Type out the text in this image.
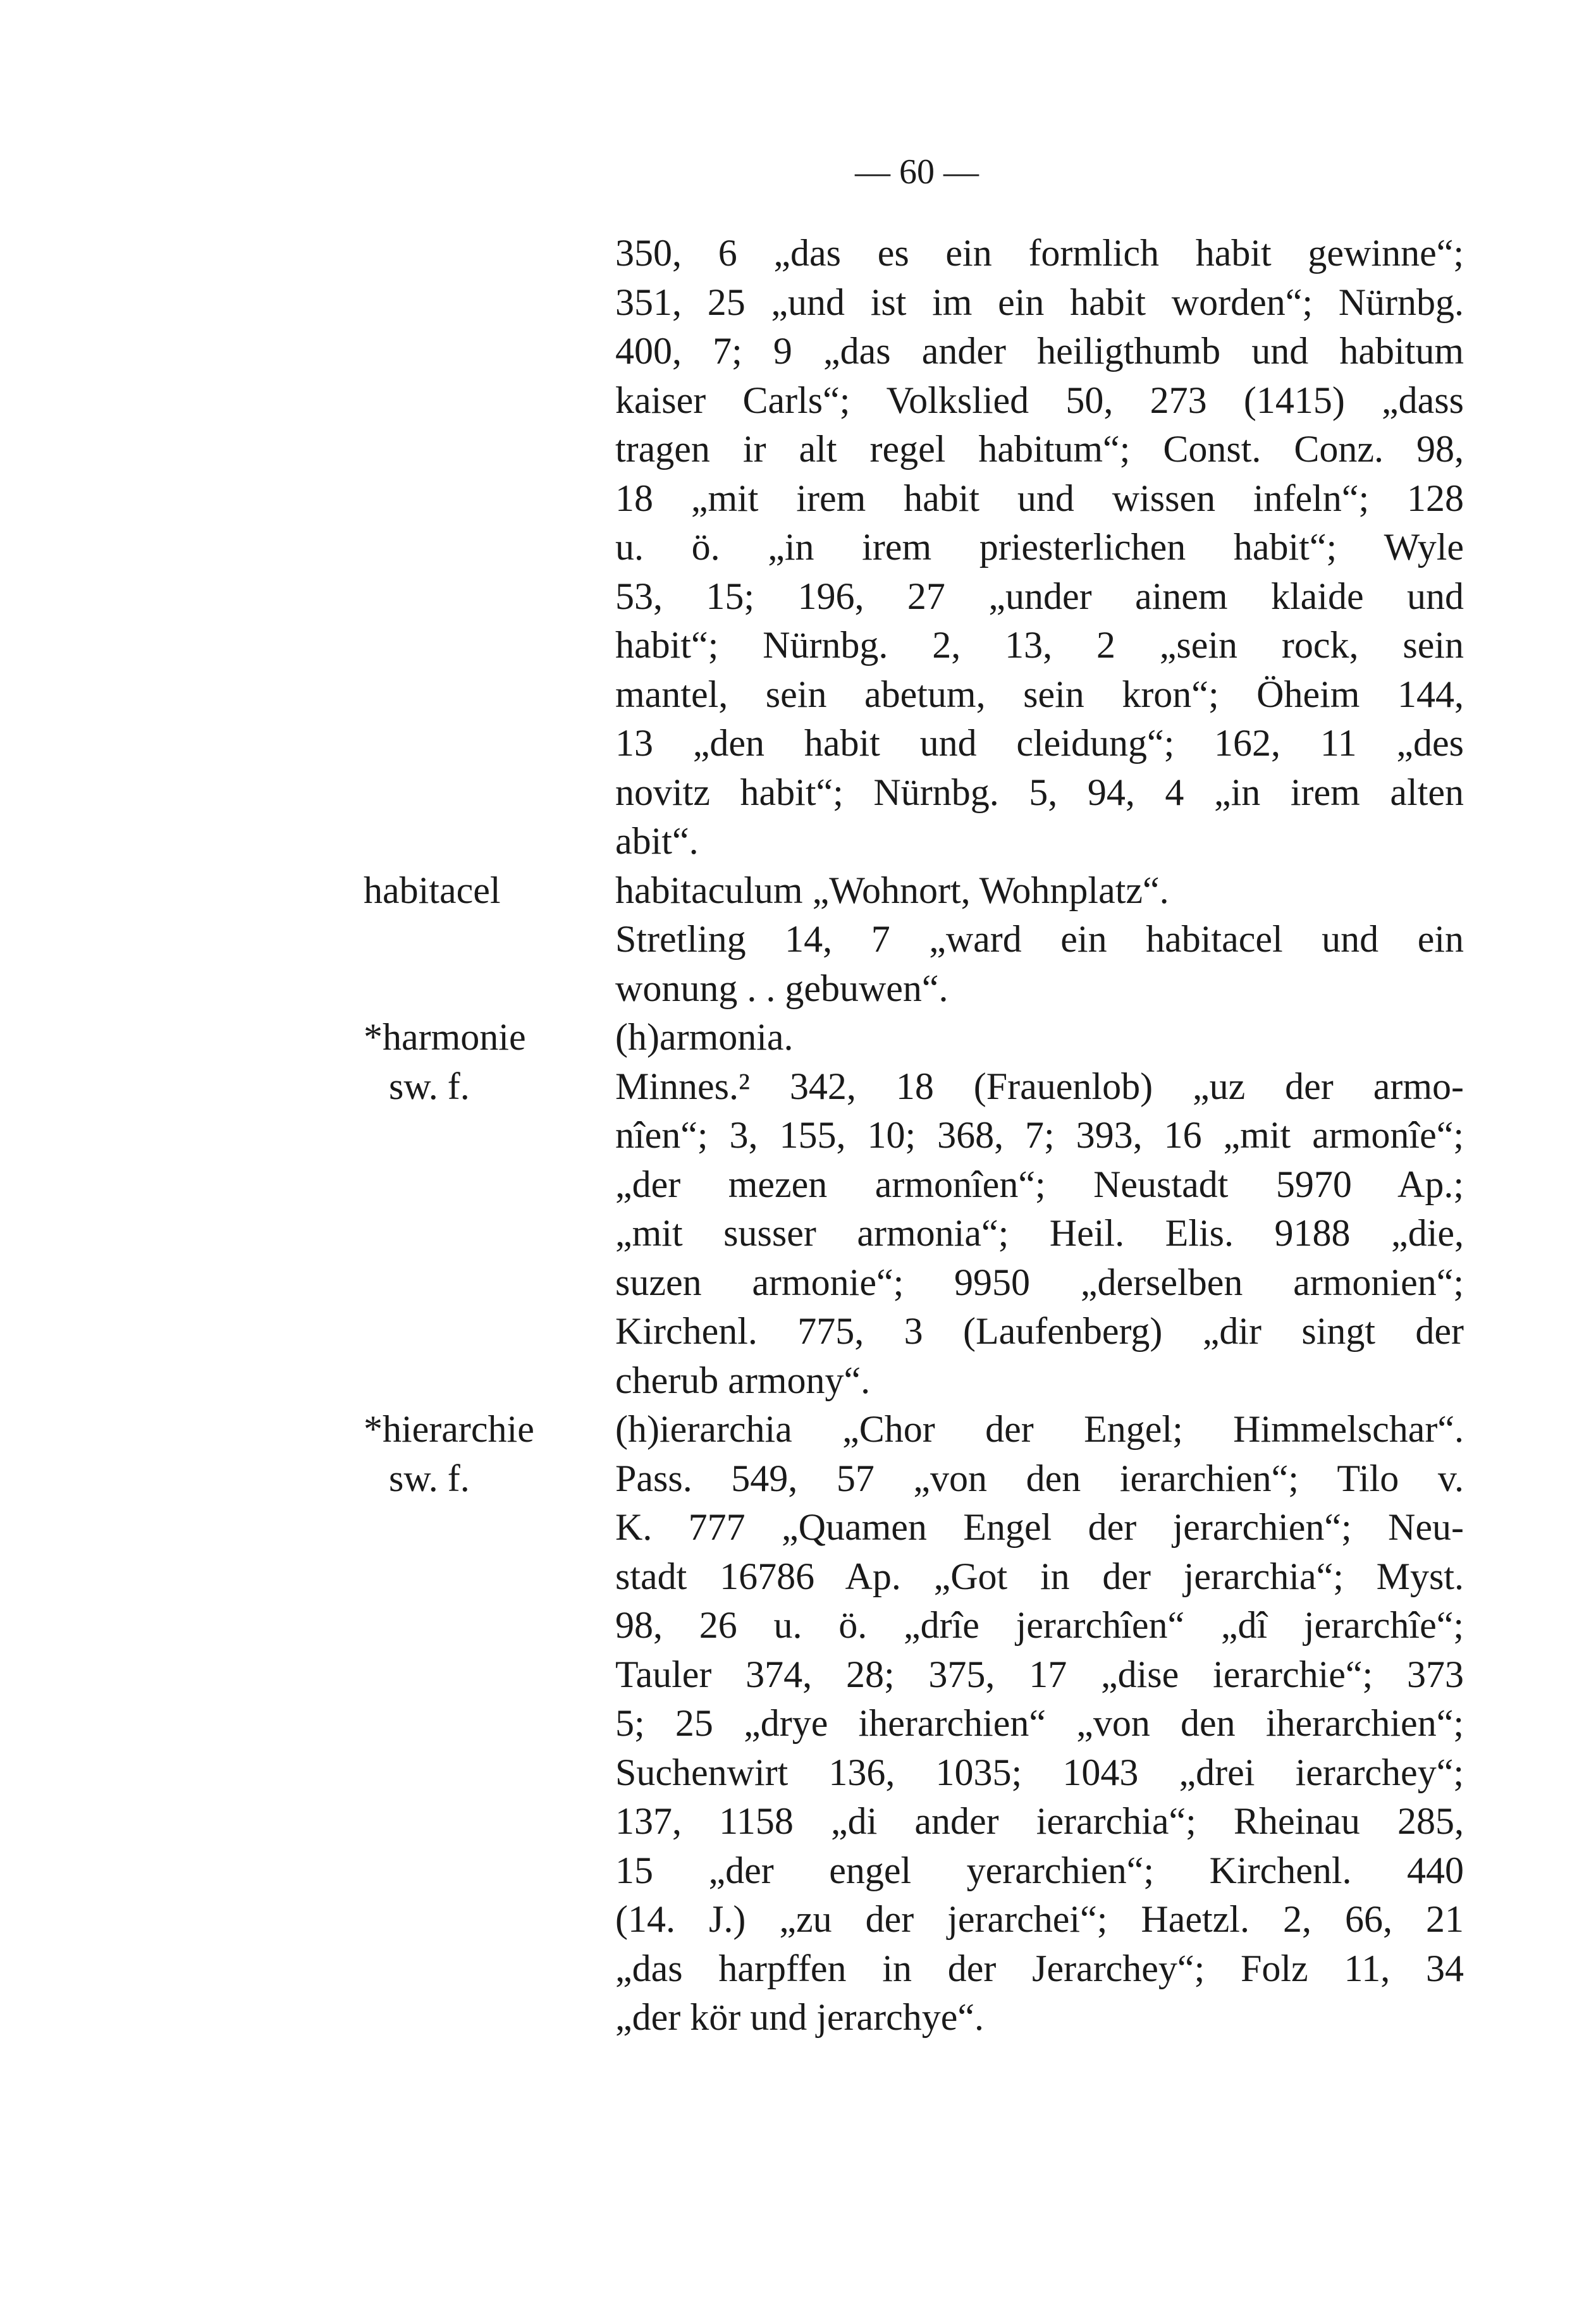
— 60 —
350, 6 „das es ein formlich habit gewinne“;
351, 25 „und ist im ein habit worden“; Nürnbg.
400, 7; 9 „das ander heiligthumb und habitum
kaiser Carls“; Volkslied 50, 273 (1415) „dass
tragen ir alt regel habitum“; Const. Conz. 98,
18 „mit irem habit und wissen infeln“; 128
u. ö. „in irem priesterlichen habit“; Wyle
53, 15; 196, 27 „under ainem klaide und
habit“; Nürnbg. 2, 13, 2 „sein rock, sein
mantel, sein abetum, sein kron“; Öheim 144,
13 „den habit und cleidung“; 162, 11 „des
novitz habit“; Nürnbg. 5, 94, 4 „in irem alten
abit“.
habitacel	habitaculum „Wohnort, Wohnplatz“.
Stretling 14, 7 „ward ein habitacel und ein
wonung . . gebuwen“.
*harmonie
sw. f.
(h)armonia.
Minnes.² 342, 18 (Frauenlob) „uz der armo-
nîen“; 3, 155, 10; 368, 7; 393, 16 „mit armonîe“;
„der mezen armonîen“; Neustadt 5970 Ap.;
„mit susser armonia“; Heil. Elis. 9188 „die,
suzen armonie“; 9950 „derselben armonien“;
Kirchenl. 775, 3 (Laufenberg) „dir singt der
cherub armony“.
*hierarchie
sw. f.
(h)ierarchia „Chor der Engel; Himmelschar“.
Pass. 549, 57 „von den ierarchien“; Tilo v.
K. 777 „Quamen Engel der jerarchien“; Neu-
stadt 16786 Ap. „Got in der jerarchia“; Myst.
98, 26 u. ö. „drîe jerarchîen“ „dî jerarchîe“;
Tauler 374, 28; 375, 17 „dise ierarchie“; 373
5; 25 „drye iherarchien“ „von den iherarchien“;
Suchenwirt 136, 1035; 1043 „drei ierarchey“;
137, 1158 „di ander ierarchia“; Rheinau 285,
15 „der engel yerarchien“; Kirchenl. 440
(14. J.) „zu der jerarchei“; Haetzl. 2, 66, 21
„das harpffen in der Jerarchey“; Folz 11, 34
„der kör und jerarchye“.
